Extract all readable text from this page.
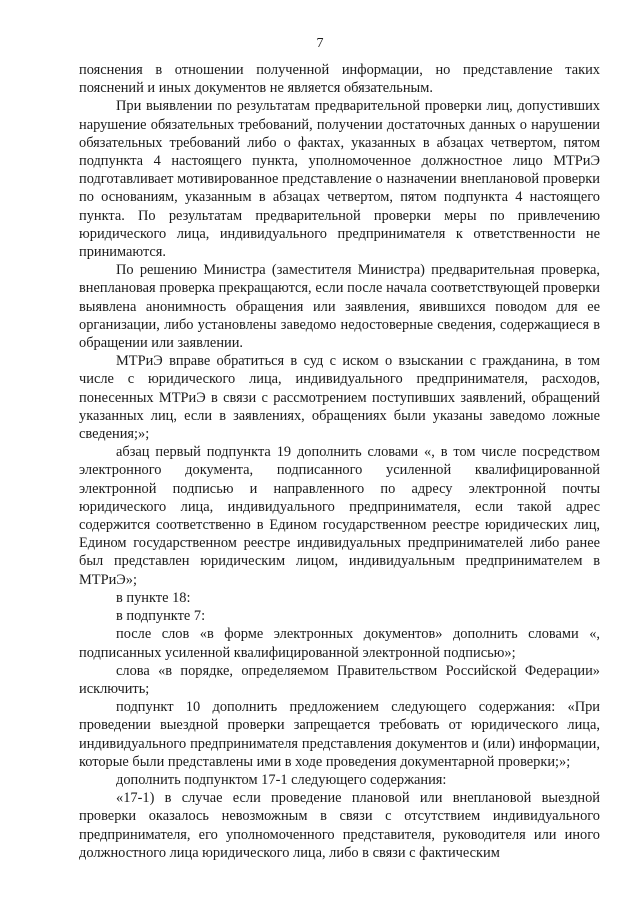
7

пояснения в отношении полученной информации, но представление таких пояснений и иных документов не является обязательным.

При выявлении по результатам предварительной проверки лиц, допустивших нарушение обязательных требований, получении достаточных данных о нарушении обязательных требований либо о фактах, указанных в абзацах четвертом, пятом подпункта 4 настоящего пункта, уполномоченное должностное лицо МТРиЭ подготавливает мотивированное представление о назначении внеплановой проверки по основаниям, указанным в абзацах четвертом, пятом подпункта 4 настоящего пункта. По результатам предварительной проверки меры по привлечению юридического лица, индивидуального предпринимателя к ответственности не принимаются.

По решению Министра (заместителя Министра) предварительная проверка, внеплановая проверка прекращаются, если после начала соответствующей проверки выявлена анонимность обращения или заявления, явившихся поводом для ее организации, либо установлены заведомо недостоверные сведения, содержащиеся в обращении или заявлении.

МТРиЭ вправе обратиться в суд с иском о взыскании с гражданина, в том числе с юридического лица, индивидуального предпринимателя, расходов, понесенных МТРиЭ в связи с рассмотрением поступивших заявлений, обращений указанных лиц, если в заявлениях, обращениях были указаны заведомо ложные сведения;»;

абзац первый подпункта 19 дополнить словами «, в том числе посредством электронного документа, подписанного усиленной квалифицированной электронной подписью и направленного по адресу электронной почты юридического лица, индивидуального предпринимателя, если такой адрес содержится соответственно в Едином государственном реестре юридических лиц, Едином государственном реестре индивидуальных предпринимателей либо ранее был представлен юридическим лицом, индивидуальным предпринимателем в МТРиЭ»;

в пункте 18:

в подпункте 7:

после слов «в форме электронных документов» дополнить словами «, подписанных усиленной квалифицированной электронной подписью»;

слова «в порядке, определяемом Правительством Российской Федерации» исключить;

подпункт 10 дополнить предложением следующего содержания: «При проведении выездной проверки запрещается требовать от юридического лица, индивидуального предпринимателя представления документов и (или) информации, которые были представлены ими в ходе проведения документарной проверки;»;

дополнить подпунктом 17-1 следующего содержания:

«17-1) в случае если проведение плановой или внеплановой выездной проверки оказалось невозможным в связи с отсутствием индивидуального предпринимателя, его уполномоченного представителя, руководителя или иного должностного лица юридического лица, либо в связи с фактическим
